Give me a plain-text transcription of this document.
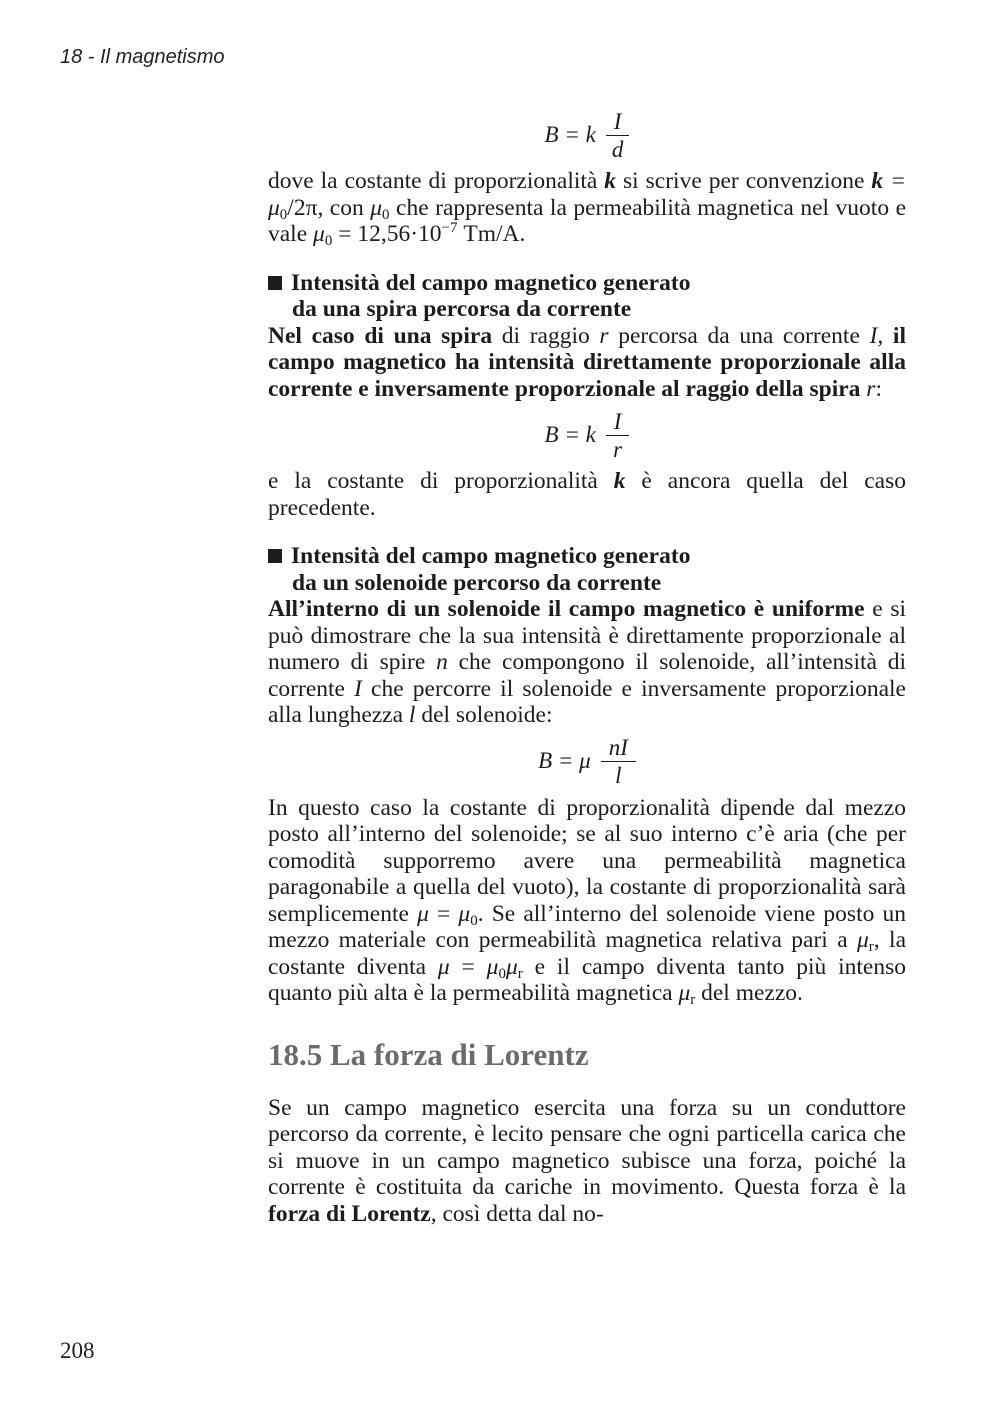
18 - Il magnetismo
B = k $\frac{I}{d}$

dove la costante di proporzionalità k si scrive per convenzione $k = \mu_0/2\pi$, con $\mu_0$ che rappresenta la permeabilità magnetica nel vuoto e vale $\mu_0 = 12,56\cdot 10^{-7}$ Tm/A.

Intensità del campo magnetico generato
da una spira percorsa da corrente

Nel caso di una spira di raggio r percorsa da una corrente I, il campo magnetico ha intensità direttamente proporzionale alla corrente e inversamente proporzionale al raggio della spira r:

B = k $\frac{I}{r}$

e la costante di proporzionalità k è ancora quella del caso precedente.

Intensità del campo magnetico generato
da un solenoide percorso da corrente

All’interno di un solenoide il campo magnetico è uniforme e si può dimostrare che la sua intensità è direttamente proporzionale al numero di spire n che compongono il solenoide, all’intensità di corrente I che percorre il solenoide e inversamente proporzionale alla lunghezza l del solenoide:

B = μ $\frac{nI}{l}$

In questo caso la costante di proporzionalità dipende dal mezzo posto all’interno del solenoide; se al suo interno c’è aria (che per comodità supporremo avere una permeabilità magnetica paragonabile a quella del vuoto), la costante di proporzionalità sarà semplicemente $\mu = \mu_0$. Se all’interno del solenoide viene posto un mezzo materiale con permeabilità magnetica relativa pari a $\mu_r$, la costante diventa $\mu = \mu_0\mu_r$ e il campo diventa tanto più intenso quanto più alta è la permeabilità magnetica $\mu_r$ del mezzo.

18.5 La forza di Lorentz

Se un campo magnetico esercita una forza su un conduttore percorso da corrente, è lecito pensare che ogni particella carica che si muove in un campo magnetico subisce una forza, poiché la corrente è costituita da cariche in movimento. Questa forza è la forza di Lorentz, così detta dal no-

208
